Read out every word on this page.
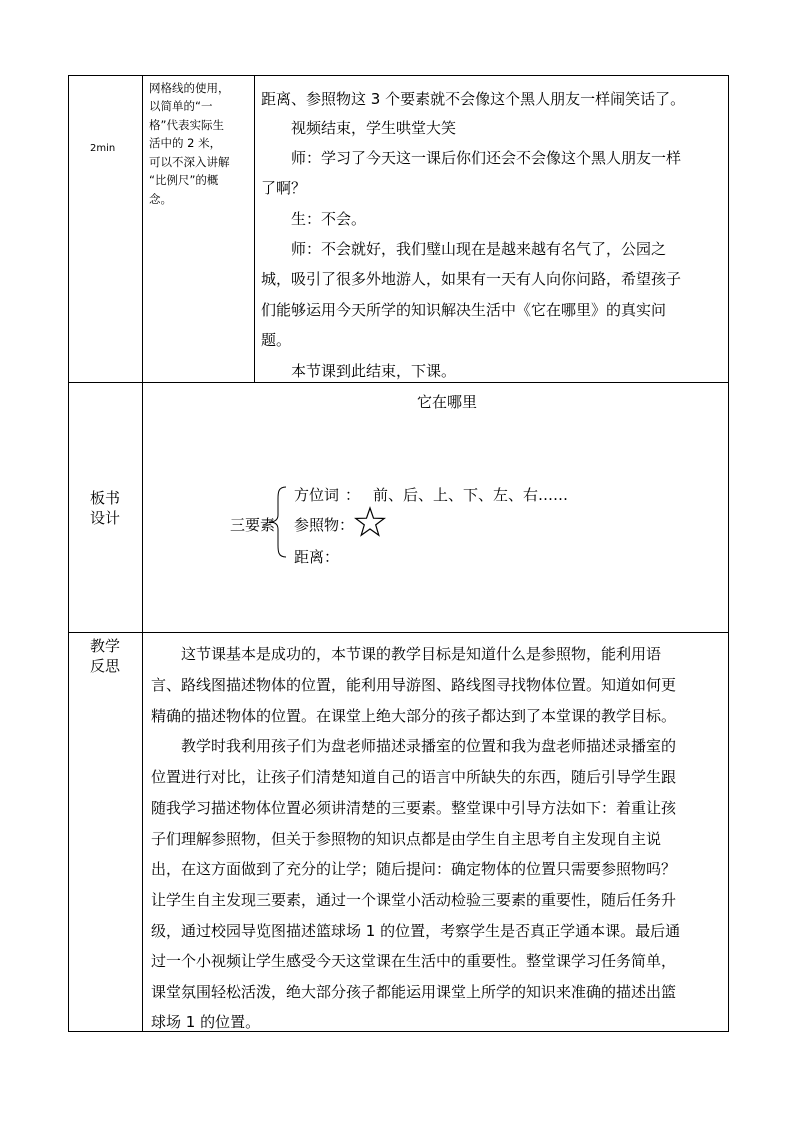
2min
网格线的使用，
以简单的“一
格”代表实际生
活中的 2 米，
可以不深入讲解
“比例尺”的概
念。
距离、参照物这 3 个要素就不会像这个黑人朋友一样闹笑话了。
视频结束，学生哄堂大笑
师：学习了今天这一课后你们还会不会像这个黑人朋友一样
了啊？
生：不会。
师：不会就好，我们璧山现在是越来越有名气了，公园之
城，吸引了很多外地游人，如果有一天有人向你问路，希望孩子
们能够运用今天所学的知识解决生活中《它在哪里》的真实问
题。
本节课到此结束，下课。
板书
设计
它在哪里
三要素
方位词 ： 前、后、上、下、左、右……
参照物：
距离：
教学
反思
这节课基本是成功的，本节课的教学目标是知道什么是参照物，能利用语
言、路线图描述物体的位置，能利用导游图、路线图寻找物体位置。知道如何更
精确的描述物体的位置。在课堂上绝大部分的孩子都达到了本堂课的教学目标。
教学时我利用孩子们为盘老师描述录播室的位置和我为盘老师描述录播室的
位置进行对比，让孩子们清楚知道自己的语言中所缺失的东西，随后引导学生跟
随我学习描述物体位置必须讲清楚的三要素。整堂课中引导方法如下：着重让孩
子们理解参照物，但关于参照物的知识点都是由学生自主思考自主发现自主说
出，在这方面做到了充分的让学；随后提问：确定物体的位置只需要参照物吗？
让学生自主发现三要素，通过一个课堂小活动检验三要素的重要性，随后任务升
级，通过校园导览图描述篮球场 1 的位置，考察学生是否真正学通本课。最后通
过一个小视频让学生感受今天这堂课在生活中的重要性。整堂课学习任务简单，
课堂氛围轻松活泼，绝大部分孩子都能运用课堂上所学的知识来准确的描述出篮
球场 1 的位置。
